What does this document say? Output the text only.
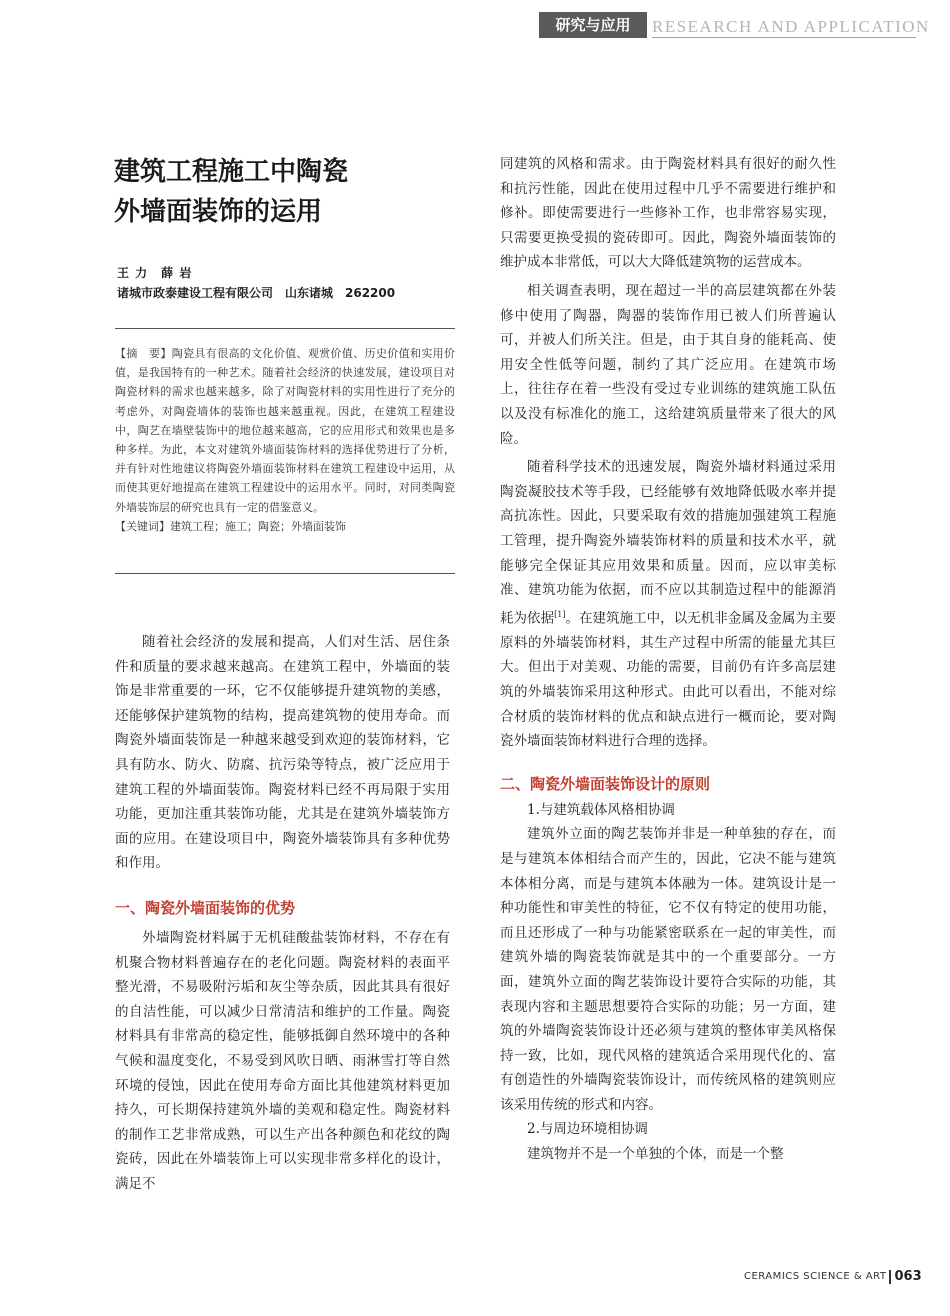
研究与应用	RESEARCH AND APPLICATION
建筑工程施工中陶瓷
外墙面装饰的运用
王 力　薛 岩
诸城市政泰建设工程有限公司　山东诸城　262200

【摘　要】陶瓷具有很高的文化价值、观赏价值、历史价值和实用价值，是我国特有的一种艺术。随着社会经济的快速发展，建设项目对陶瓷材料的需求也越来越多，除了对陶瓷材料的实用性进行了充分的考虑外，对陶瓷墙体的装饰也越来越重视。因此，在建筑工程建设中，陶艺在墙壁装饰中的地位越来越高，它的应用形式和效果也是多种多样。为此，本文对建筑外墙面装饰材料的选择优势进行了分析，并有针对性地建议将陶瓷外墙面装饰材料在建筑工程建设中运用，从而使其更好地提高在建筑工程建设中的运用水平。同时，对同类陶瓷外墙装饰层的研究也具有一定的借鉴意义。

【关键词】建筑工程；施工；陶瓷；外墙面装饰

随着社会经济的发展和提高，人们对生活、居住条件和质量的要求越来越高。在建筑工程中，外墙面的装饰是非常重要的一环，它不仅能够提升建筑物的美感，还能够保护建筑物的结构，提高建筑物的使用寿命。而陶瓷外墙面装饰是一种越来越受到欢迎的装饰材料，它具有防水、防火、防腐、抗污染等特点，被广泛应用于建筑工程的外墙面装饰。陶瓷材料已经不再局限于实用功能，更加注重其装饰功能，尤其是在建筑外墙装饰方面的应用。在建设项目中，陶瓷外墙装饰具有多种优势和作用。

一、陶瓷外墙面装饰的优势

外墙陶瓷材料属于无机硅酸盐装饰材料，不存在有机聚合物材料普遍存在的老化问题。陶瓷材料的表面平整光滑，不易吸附污垢和灰尘等杂质，因此其具有很好的自洁性能，可以减少日常清洁和维护的工作量。陶瓷材料具有非常高的稳定性，能够抵御自然环境中的各种气候和温度变化，不易受到风吹日晒、雨淋雪打等自然环境的侵蚀，因此在使用寿命方面比其他建筑材料更加持久，可长期保持建筑外墙的美观和稳定性。陶瓷材料的制作工艺非常成熟，可以生产出各种颜色和花纹的陶瓷砖，因此在外墙装饰上可以实现非常多样化的设计，满足不

同建筑的风格和需求。由于陶瓷材料具有很好的耐久性和抗污性能，因此在使用过程中几乎不需要进行维护和修补。即使需要进行一些修补工作，也非常容易实现，只需要更换受损的瓷砖即可。因此，陶瓷外墙面装饰的维护成本非常低，可以大大降低建筑物的运营成本。

相关调查表明，现在超过一半的高层建筑都在外装修中使用了陶器，陶器的装饰作用已被人们所普遍认可，并被人们所关注。但是，由于其自身的能耗高、使用安全性低等问题，制约了其广泛应用。在建筑市场上，往往存在着一些没有受过专业训练的建筑施工队伍以及没有标准化的施工，这给建筑质量带来了很大的风险。

随着科学技术的迅速发展，陶瓷外墙材料通过采用陶瓷凝胶技术等手段，已经能够有效地降低吸水率并提高抗冻性。因此，只要采取有效的措施加强建筑工程施工管理，提升陶瓷外墙装饰材料的质量和技术水平，就能够完全保证其应用效果和质量。因而，应以审美标准、建筑功能为依据，而不应以其制造过程中的能源消耗为依据[1]。在建筑施工中，以无机非金属及金属为主要原料的外墙装饰材料，其生产过程中所需的能量尤其巨大。但出于对美观、功能的需要，目前仍有许多高层建筑的外墙装饰采用这种形式。由此可以看出，不能对综合材质的装饰材料的优点和缺点进行一概而论，要对陶瓷外墙面装饰材料进行合理的选择。

二、陶瓷外墙面装饰设计的原则

1.与建筑载体风格相协调

建筑外立面的陶艺装饰并非是一种单独的存在，而是与建筑本体相结合而产生的，因此，它决不能与建筑本体相分离，而是与建筑本体融为一体。建筑设计是一种功能性和审美性的特征，它不仅有特定的使用功能，而且还形成了一种与功能紧密联系在一起的审美性，而建筑外墙的陶瓷装饰就是其中的一个重要部分。一方面，建筑外立面的陶艺装饰设计要符合实际的功能，其表现内容和主题思想要符合实际的功能；另一方面，建筑的外墙陶瓷装饰设计还必须与建筑的整体审美风格保持一致，比如，现代风格的建筑适合采用现代化的、富有创造性的外墙陶瓷装饰设计，而传统风格的建筑则应该采用传统的形式和内容。

2.与周边环境相协调

建筑物并不是一个单独的个体，而是一个整

CERAMICS SCIENCE & ART 063
